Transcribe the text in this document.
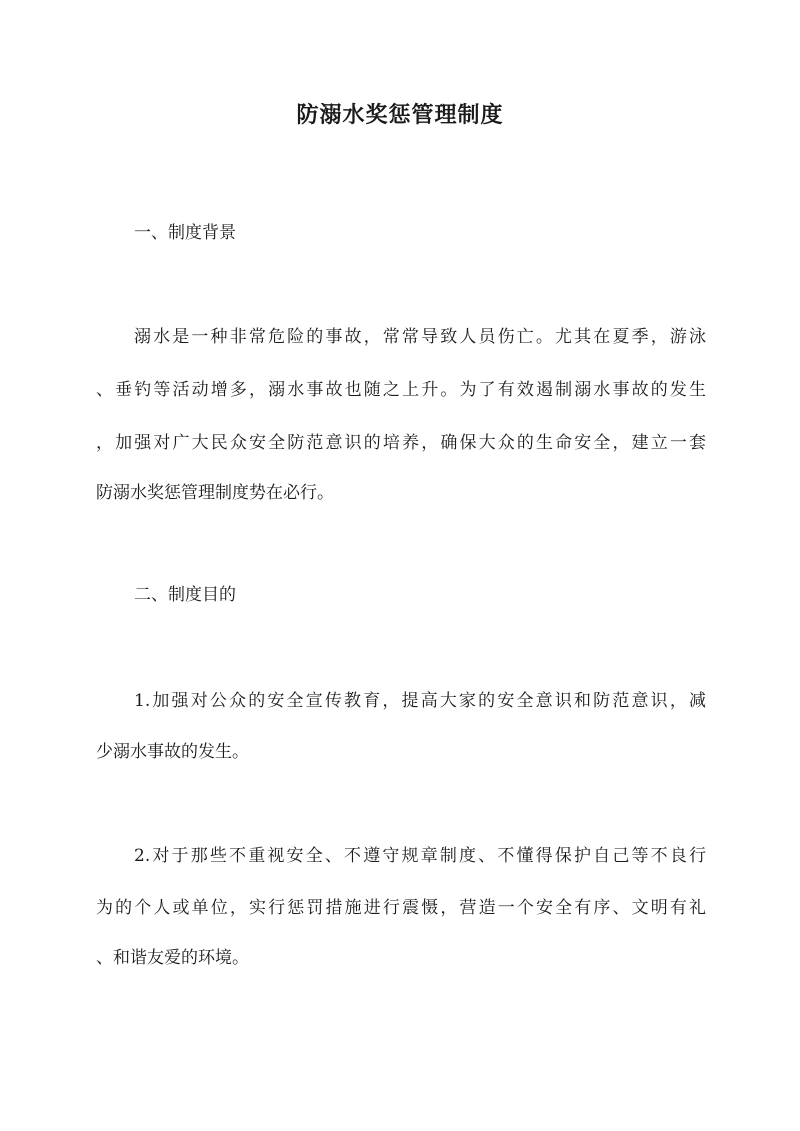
防溺水奖惩管理制度
一、制度背景
溺水是一种非常危险的事故，常常导致人员伤亡。尤其在夏季，游泳
、垂钓等活动增多，溺水事故也随之上升。为了有效遏制溺水事故的发生
，加强对广大民众安全防范意识的培养，确保大众的生命安全，建立一套
防溺水奖惩管理制度势在必行。
二、制度目的
1.加强对公众的安全宣传教育，提高大家的安全意识和防范意识，减
少溺水事故的发生。
2.对于那些不重视安全、不遵守规章制度、不懂得保护自己等不良行
为的个人或单位，实行惩罚措施进行震慑，营造一个安全有序、文明有礼
、和谐友爱的环境。
